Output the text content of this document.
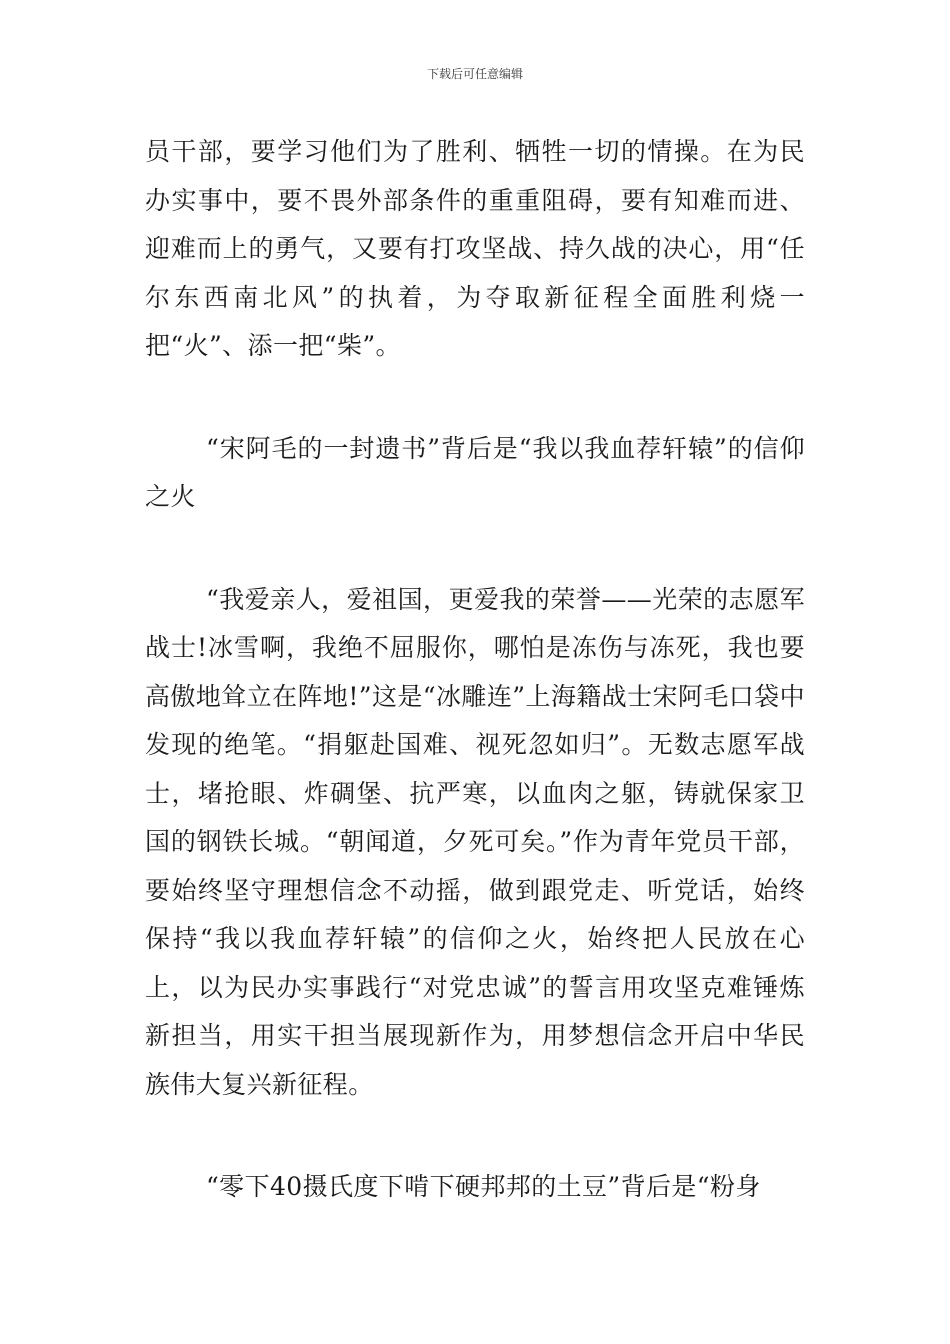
下载后可任意编辑

员干部，要学习他们为了胜利、牺牲一切的情操。在为民办实事中，要不畏外部条件的重重阻碍，要有知难而进、迎难而上的勇气，又要有打攻坚战、持久战的决心，用“任尔东西南北风”的执着，为夺取新征程全面胜利烧一把“火”、添一把“柴”。

“宋阿毛的一封遗书”背后是“我以我血荐轩辕”的信仰之火

“我爱亲人，爱祖国，更爱我的荣誉——光荣的志愿军战士!冰雪啊，我绝不屈服你，哪怕是冻伤与冻死，我也要高傲地耸立在阵地!”这是“冰雕连”上海籍战士宋阿毛口袋中发现的绝笔。“捐躯赴国难、视死忽如归”。无数志愿军战士，堵抢眼、炸碉堡、抗严寒，以血肉之躯，铸就保家卫国的钢铁长城。“朝闻道，夕死可矣。”作为青年党员干部，要始终坚守理想信念不动摇，做到跟党走、听党话，始终保持“我以我血荐轩辕”的信仰之火，始终把人民放在心上，以为民办实事践行“对党忠诚”的誓言用攻坚克难锤炼新担当，用实干担当展现新作为，用梦想信念开启中华民族伟大复兴新征程。

“零下40摄氏度下啃下硬邦邦的土豆”背后是“粉身
